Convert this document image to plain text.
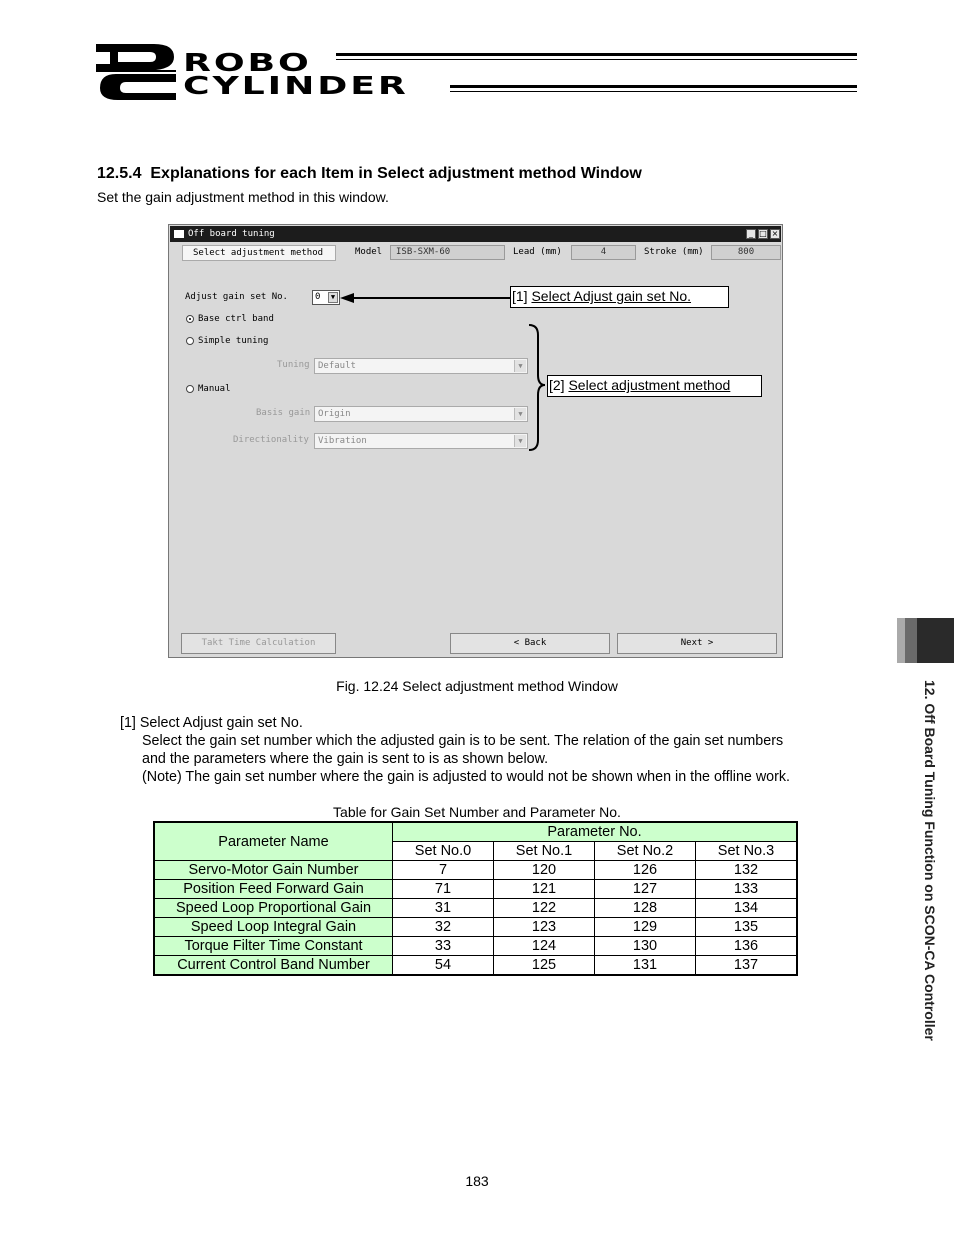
ROBO
CYLINDER
12.5.4 Explanations for each Item in Select adjustment method Window
Set the gain adjustment method in this window.
Off board tuning	_ □ ×
Select adjustment method	Model	ISB-SXM-60	Lead (mm)	4	Stroke (mm)	800
Adjust gain set No.	0	▼
Base ctrl band
Simple tuning
Tuning Default	▼
Manual
Basis gain Origin	▼
Directionality	Vibration	▼
Takt Time Calculation	< Back	Next >
[1] Select Adjust gain set No.
[2] Select adjustment method
Fig. 12.24 Select adjustment method Window
[1] Select Adjust gain set No.
Select the gain set number which the adjusted gain is to be sent. The relation of the gain set numbers
and the parameters where the gain is sent to is as shown below.
(Note) The gain set number where the gain is adjusted to would not be shown when in the offline work.
Table for Gain Set Number and Parameter No.
Parameter Name	Parameter No.			
	Set No.0	Set No.1	Set No.2	Set No.3
Servo-Motor Gain Number	7	120	126	132
Position Feed Forward Gain	71	121	127	133
Speed Loop Proportional Gain	31	122	128	134
Speed Loop Integral Gain	32	123	129	135
Torque Filter Time Constant	33	124	130	136
Current Control Band Number	54	125	131	137	12. Off Board Tuning Function on SCON-CA Controller
183
